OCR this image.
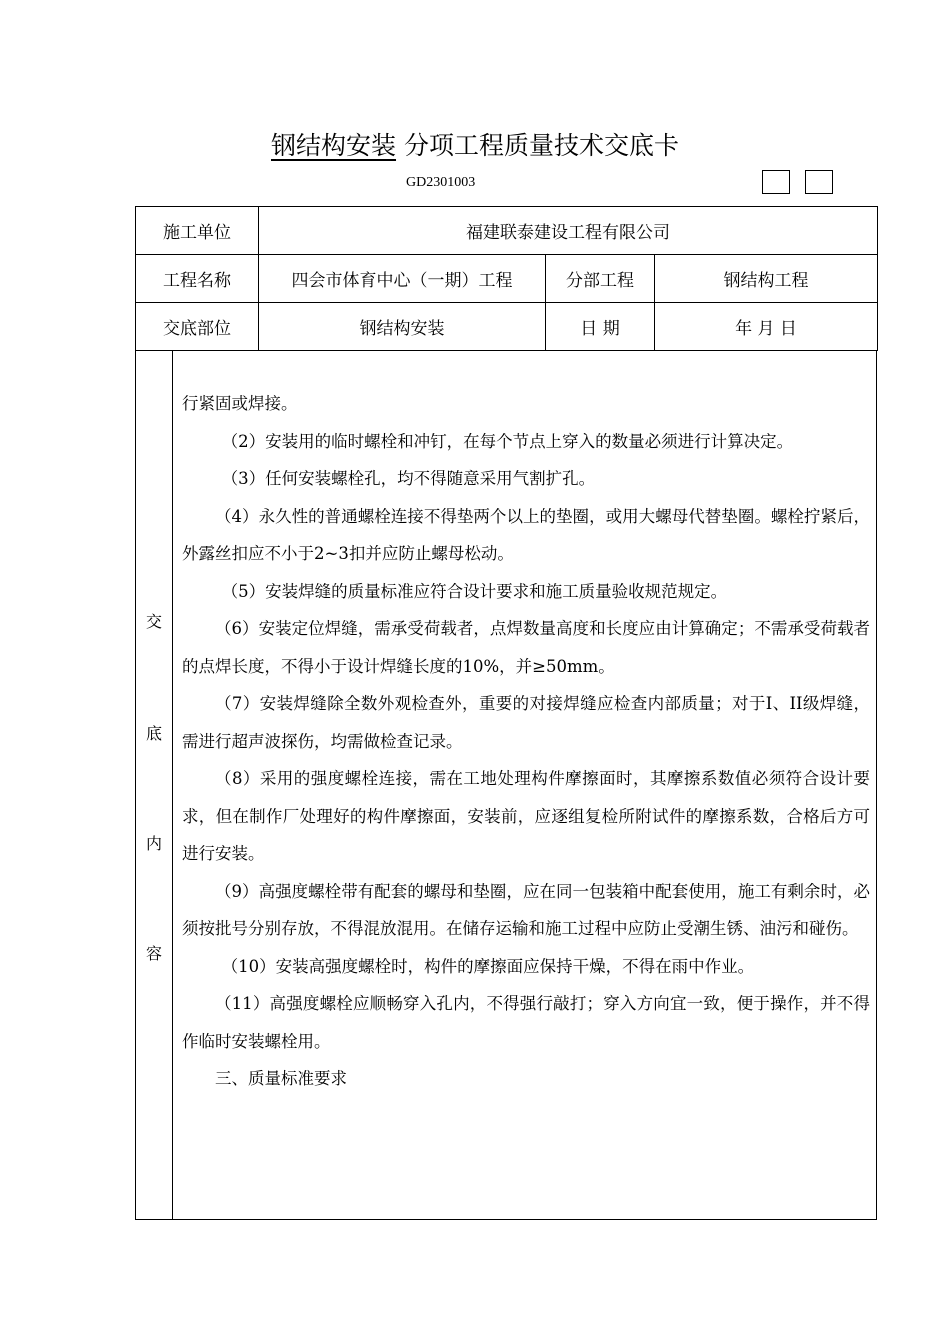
钢结构安装 分项工程质量技术交底卡
GD2301003
施工单位	福建联泰建设工程有限公司		
工程名称	四会市体育中心（一期）工程	分部工程	钢结构工程
交底部位	钢结构安装	日 期	年 月 日
交
底
内
容

行紧固或焊接。

（2）安装用的临时螺栓和冲钉，在每个节点上穿入的数量必须进行计算决定。

（3）任何安装螺栓孔，均不得随意采用气割扩孔。

（4）永久性的普通螺栓连接不得垫两个以上的垫圈，或用大螺母代替垫圈。螺栓拧紧后，外露丝扣应不小于2~3扣并应防止螺母松动。

（5）安装焊缝的质量标准应符合设计要求和施工质量验收规范规定。

（6）安装定位焊缝，需承受荷载者，点焊数量高度和长度应由计算确定；不需承受荷载者的点焊长度，不得小于设计焊缝长度的10%，并≥50mm。

（7）安装焊缝除全数外观检查外，重要的对接焊缝应检查内部质量；对于I、II级焊缝，需进行超声波探伤，均需做检查记录。

（8）采用的强度螺栓连接，需在工地处理构件摩擦面时，其摩擦系数值必须符合设计要求，但在制作厂处理好的构件摩擦面，安装前，应逐组复检所附试件的摩擦系数，合格后方可进行安装。

（9）高强度螺栓带有配套的螺母和垫圈，应在同一包装箱中配套使用，施工有剩余时，必须按批号分别存放，不得混放混用。在储存运输和施工过程中应防止受潮生锈、油污和碰伤。

（10）安装高强度螺栓时，构件的摩擦面应保持干燥，不得在雨中作业。

（11）高强度螺栓应顺畅穿入孔内，不得强行敲打；穿入方向宜一致，便于操作，并不得作临时安装螺栓用。

三、质量标准要求
